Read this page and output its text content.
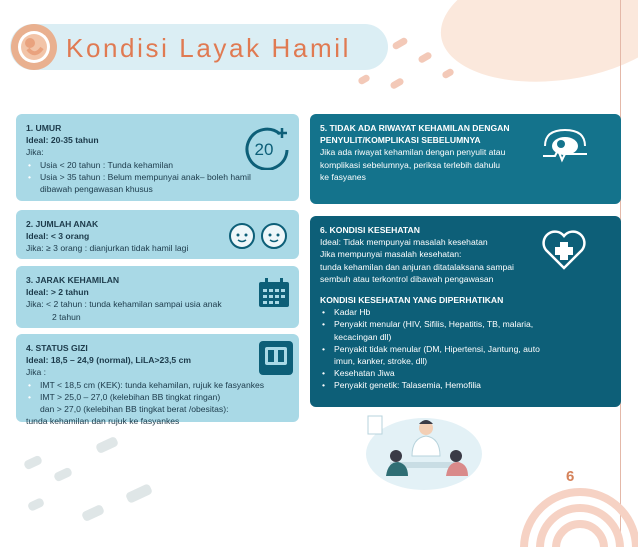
Kondisi Layak Hamil
1. UMUR
Ideal: 20-35 tahun
Jika:
• Usia < 20 tahun : Tunda kehamilan
• Usia > 35 tahun : Belum mempunyai anak– boleh hamil
dibawah pengawasan khusus
20
2. JUMLAH ANAK
Ideal: < 3 orang
Jika: ≥ 3 orang : dianjurkan tidak hamil lagi
3. JARAK KEHAMILAN
Ideal: > 2 tahun
Jika: < 2 tahun : tunda kehamilan sampai usia anak
2 tahun
4. STATUS GIZI
Ideal: 18,5 – 24,9 (normal), LiLA>23,5 cm
Jika :
• IMT < 18,5 cm (KEK): tunda kehamilan, rujuk ke fasyankes
• IMT > 25,0 – 27,0 (kelebihan BB tingkat ringan)
dan > 27,0 (kelebihan BB tingkat berat /obesitas):
tunda kehamilan dan rujuk ke fasyankes
5. TIDAK ADA RIWAYAT KEHAMILAN DENGAN
PENYULIT/KOMPLIKASI SEBELUMNYA
Jika ada riwayat kehamilan dengan penyulit atau
komplikasi sebelumnya, periksa terlebih dahulu
ke fasyanes
6. KONDISI KESEHATAN
Ideal: Tidak mempunyai masalah kesehatan
Jika mempunyai masalah kesehatan:
tunda kehamilan dan anjuran ditatalaksana sampai
sembuh atau terkontrol dibawah pengawasan
KONDISI KESEHATAN YANG DIPERHATIKAN
• Kadar Hb
• Penyakit menular (HIV, Sifilis, Hepatitis, TB, malaria,
kecacingan dll)
• Penyakit tidak menular (DM, Hipertensi, Jantung, auto
imun, kanker, stroke, dll)
• Kesehatan Jiwa
• Penyakit genetik: Talasemia, Hemofilia
6
